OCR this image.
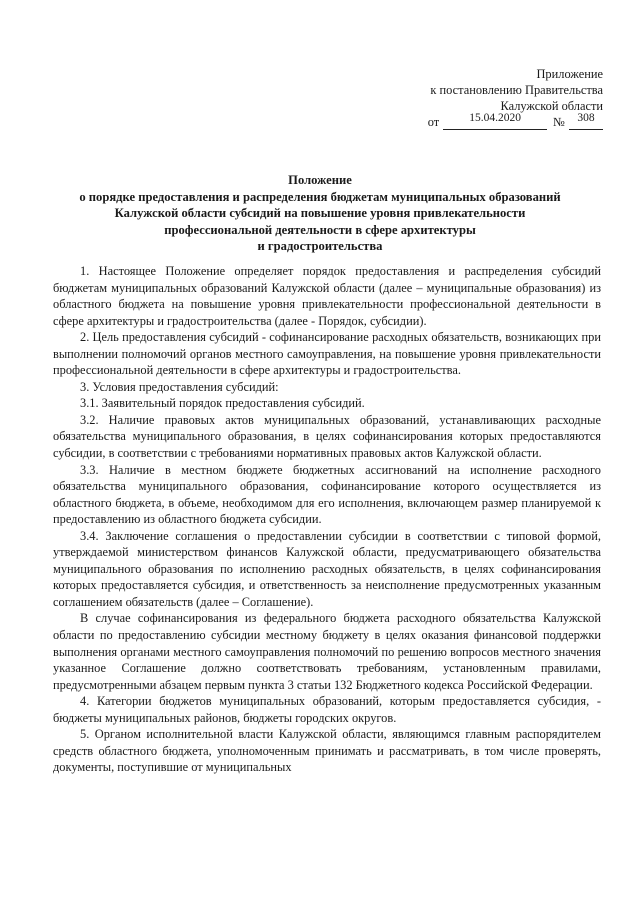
Приложение
к постановлению Правительства
Калужской области
от	15.04.2020	№	308
Положение
о порядке предоставления и распределения бюджетам муниципальных образований
Калужской области субсидий на повышение уровня привлекательности
профессиональной деятельности в сфере архитектуры
и градостроительства

1. Настоящее Положение определяет порядок предоставления и распределения субсидий бюджетам муниципальных образований Калужской области (далее – муниципальные образования) из областного бюджета на повышение уровня привлекательности профессиональной деятельности в сфере архитектуры и градостроительства (далее - Порядок, субсидии).

2. Цель предоставления субсидий - софинансирование расходных обязательств, возникающих при выполнении полномочий органов местного самоуправления, на повышение уровня привлекательности профессиональной деятельности в сфере архитектуры и градостроительства.

3. Условия предоставления субсидий:

3.1. Заявительный порядок предоставления субсидий.

3.2. Наличие правовых актов муниципальных образований, устанавливающих расходные обязательства муниципального образования, в целях софинансирования которых предоставляются субсидии, в соответствии с требованиями нормативных правовых актов Калужской области.

3.3. Наличие в местном бюджете бюджетных ассигнований на исполнение расходного обязательства муниципального образования, софинансирование которого осуществляется из областного бюджета, в объеме, необходимом для его исполнения, включающем размер планируемой к предоставлению из областного бюджета субсидии.

3.4. Заключение соглашения о предоставлении субсидии в соответствии с типовой формой, утверждаемой министерством финансов Калужской области, предусматривающего обязательства муниципального образования по исполнению расходных обязательств, в целях софинансирования которых предоставляется субсидия, и ответственность за неисполнение предусмотренных указанным соглашением обязательств (далее – Соглашение).

В случае софинансирования из федерального бюджета расходного обязательства Калужской области по предоставлению субсидии местному бюджету в целях оказания финансовой поддержки выполнения органами местного самоуправления полномочий по решению вопросов местного значения указанное Соглашение должно соответствовать требованиям, установленным правилами, предусмотренными абзацем первым пункта 3 статьи 132 Бюджетного кодекса Российской Федерации.

4. Категории бюджетов муниципальных образований, которым предоставляется субсидия, - бюджеты муниципальных районов, бюджеты городских округов.

5. Органом исполнительной власти Калужской области, являющимся главным распорядителем средств областного бюджета, уполномоченным принимать и рассматривать, в том числе проверять, документы, поступившие от муниципальных
